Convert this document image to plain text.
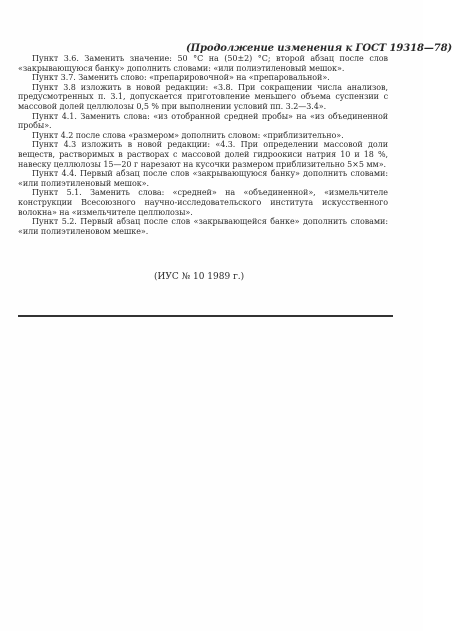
(Продолжение изменения к ГОСТ 19318—78)

Пункт 3.6. Заменить значение: 50 °С на (50±2) °С; второй абзац после слов «закрывающуюся банку» дополнить словами: «или полиэтиленовый мешок».

Пункт 3.7. Заменить слово: «препарировочной» на «препаровальной».

Пункт 3.8 изложить в новой редакции: «3.8. При сокращении числа анализов, предусмотренных п. 3.1, допускается приготовление меньшего объема суспензии с массовой долей целлюлозы 0,5 % при выполнении условий пп. 3.2—3.4».

Пункт 4.1. Заменить слова: «из отобранной средней пробы» на «из объединенной пробы».

Пункт 4.2 после слова «размером» дополнить словом: «приблизительно».

Пункт 4.3 изложить в новой редакции: «4.3. При определении массовой доли веществ, растворимых в растворах с массовой долей гидроокиси натрия 10 и 18 %, навеску целлюлозы 15—20 г нарезают на кусочки размером приблизительно 5×5 мм».

Пункт 4.4. Первый абзац после слов «закрывающуюся банку» дополнить словами: «или полиэтиленовый мешок».

Пункт 5.1. Заменить слова: «средней» на «объединенной», «измельчителе конструкции Всесоюзного научно-исследовательского института искусственного волокна» на «измельчителе целлюлозы».

Пункт 5.2. Первый абзац после слов «закрывающейся банке» дополнить словами: «или полиэтиленовом мешке».

(ИУС № 10 1989 г.)
